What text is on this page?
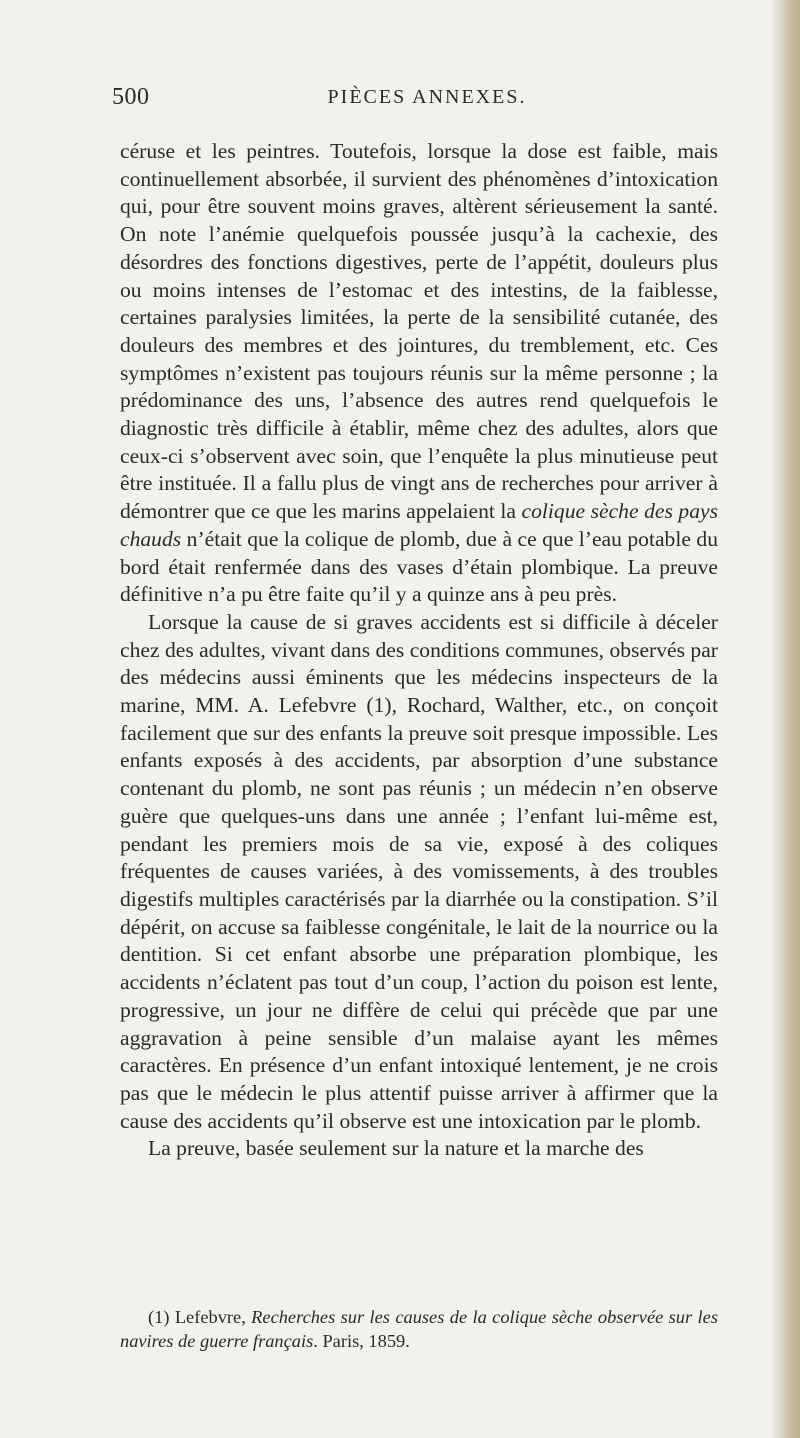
500	PIÈCES ANNEXES.

céruse et les peintres. Toutefois, lorsque la dose est faible, mais continuellement absorbée, il survient des phénomènes d’intoxication qui, pour être souvent moins graves, altèrent sérieusement la santé. On note l’anémie quelquefois poussée jusqu’à la cachexie, des désordres des fonctions digestives, perte de l’appétit, douleurs plus ou moins intenses de l’estomac et des intestins, de la faiblesse, certaines paralysies limitées, la perte de la sensibilité cutanée, des douleurs des membres et des jointures, du tremblement, etc. Ces symptômes n’existent pas toujours réunis sur la même personne ; la prédominance des uns, l’absence des autres rend quelquefois le diagnostic très difficile à établir, même chez des adultes, alors que ceux-ci s’observent avec soin, que l’enquête la plus minutieuse peut être instituée. Il a fallu plus de vingt ans de recherches pour arriver à démontrer que ce que les marins appelaient la colique sèche des pays chauds n’était que la colique de plomb, due à ce que l’eau potable du bord était renfermée dans des vases d’étain plombique. La preuve définitive n’a pu être faite qu’il y a quinze ans à peu près.

Lorsque la cause de si graves accidents est si difficile à déceler chez des adultes, vivant dans des conditions communes, observés par des médecins aussi éminents que les médecins inspecteurs de la marine, MM. A. Lefebvre (1), Rochard, Walther, etc., on conçoit facilement que sur des enfants la preuve soit presque impossible. Les enfants exposés à des accidents, par absorption d’une substance contenant du plomb, ne sont pas réunis ; un médecin n’en observe guère que quelques-uns dans une année ; l’enfant lui-même est, pendant les premiers mois de sa vie, exposé à des coliques fréquentes de causes variées, à des vomissements, à des troubles digestifs multiples caractérisés par la diarrhée ou la constipation. S’il dépérit, on accuse sa faiblesse congénitale, le lait de la nourrice ou la dentition. Si cet enfant absorbe une préparation plombique, les accidents n’éclatent pas tout d’un coup, l’action du poison est lente, progressive, un jour ne diffère de celui qui précède que par une aggravation à peine sensible d’un malaise ayant les mêmes caractères. En présence d’un enfant intoxiqué lentement, je ne crois pas que le médecin le plus attentif puisse arriver à affirmer que la cause des accidents qu’il observe est une intoxication par le plomb.

La preuve, basée seulement sur la nature et la marche des

(1) Lefebvre, Recherches sur les causes de la colique sèche observée sur les navires de guerre français. Paris, 1859.
